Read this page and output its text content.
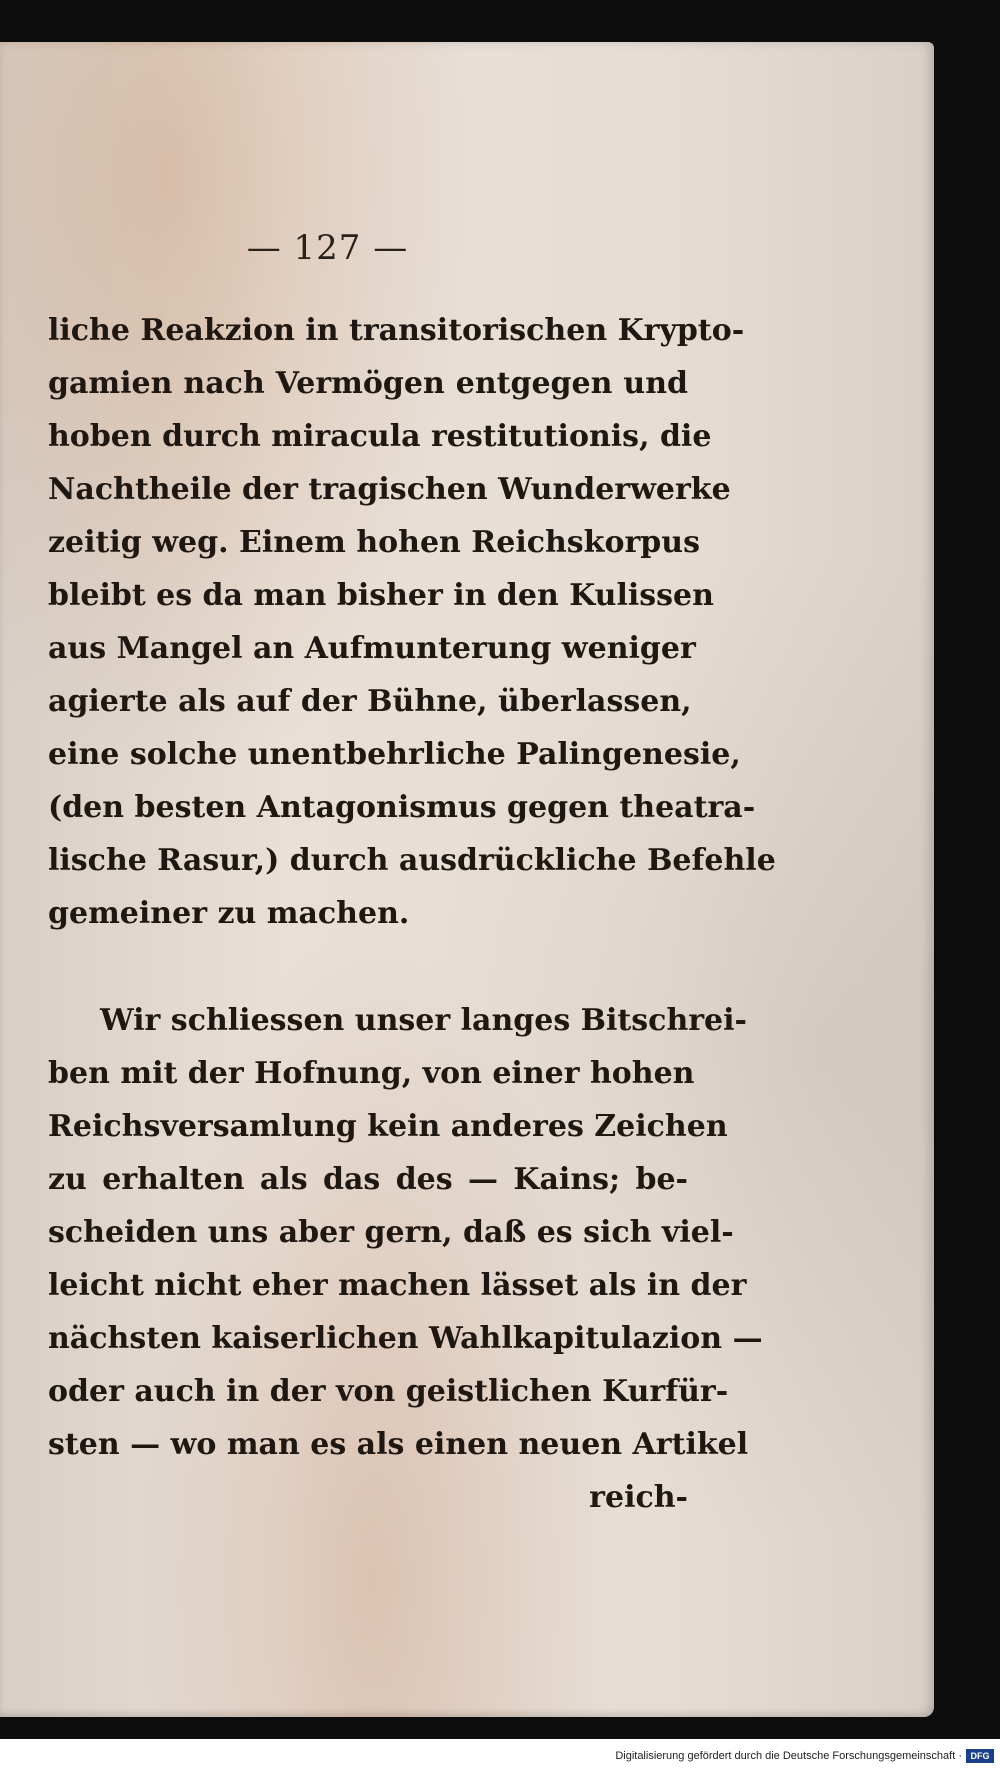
— 127 —
liche Reakzion in transitorischen Krypto-
gamien nach Vermögen entgegen und
hoben durch miracula restitutionis, die
Nachtheile der tragischen Wunderwerke
zeitig weg. Einem hohen Reichskorpus
bleibt es da man bisher in den Kulissen
aus Mangel an Aufmunterung weniger
agierte als auf der Bühne, überlassen,
eine solche unentbehrliche Palingenesie,
(den besten Antagonismus gegen theatra-
lische Rasur,) durch ausdrückliche Befehle
gemeiner zu machen.
Wir schliessen unser langes Bitschrei-
ben mit der Hofnung, von einer hohen
Reichsversamlung kein anderes Zeichen
zu erhalten als das des — Kains; be-
scheiden uns aber gern, daß es sich viel-
leicht nicht eher machen lässet als in der
nächsten kaiserlichen Wahlkapitulazion —
oder auch in der von geistlichen Kurfür-
sten — wo man es als einen neuen Artikel
reich-
Digitalisierung gefördert durch die Deutsche Forschungsgemeinschaft · DFG
